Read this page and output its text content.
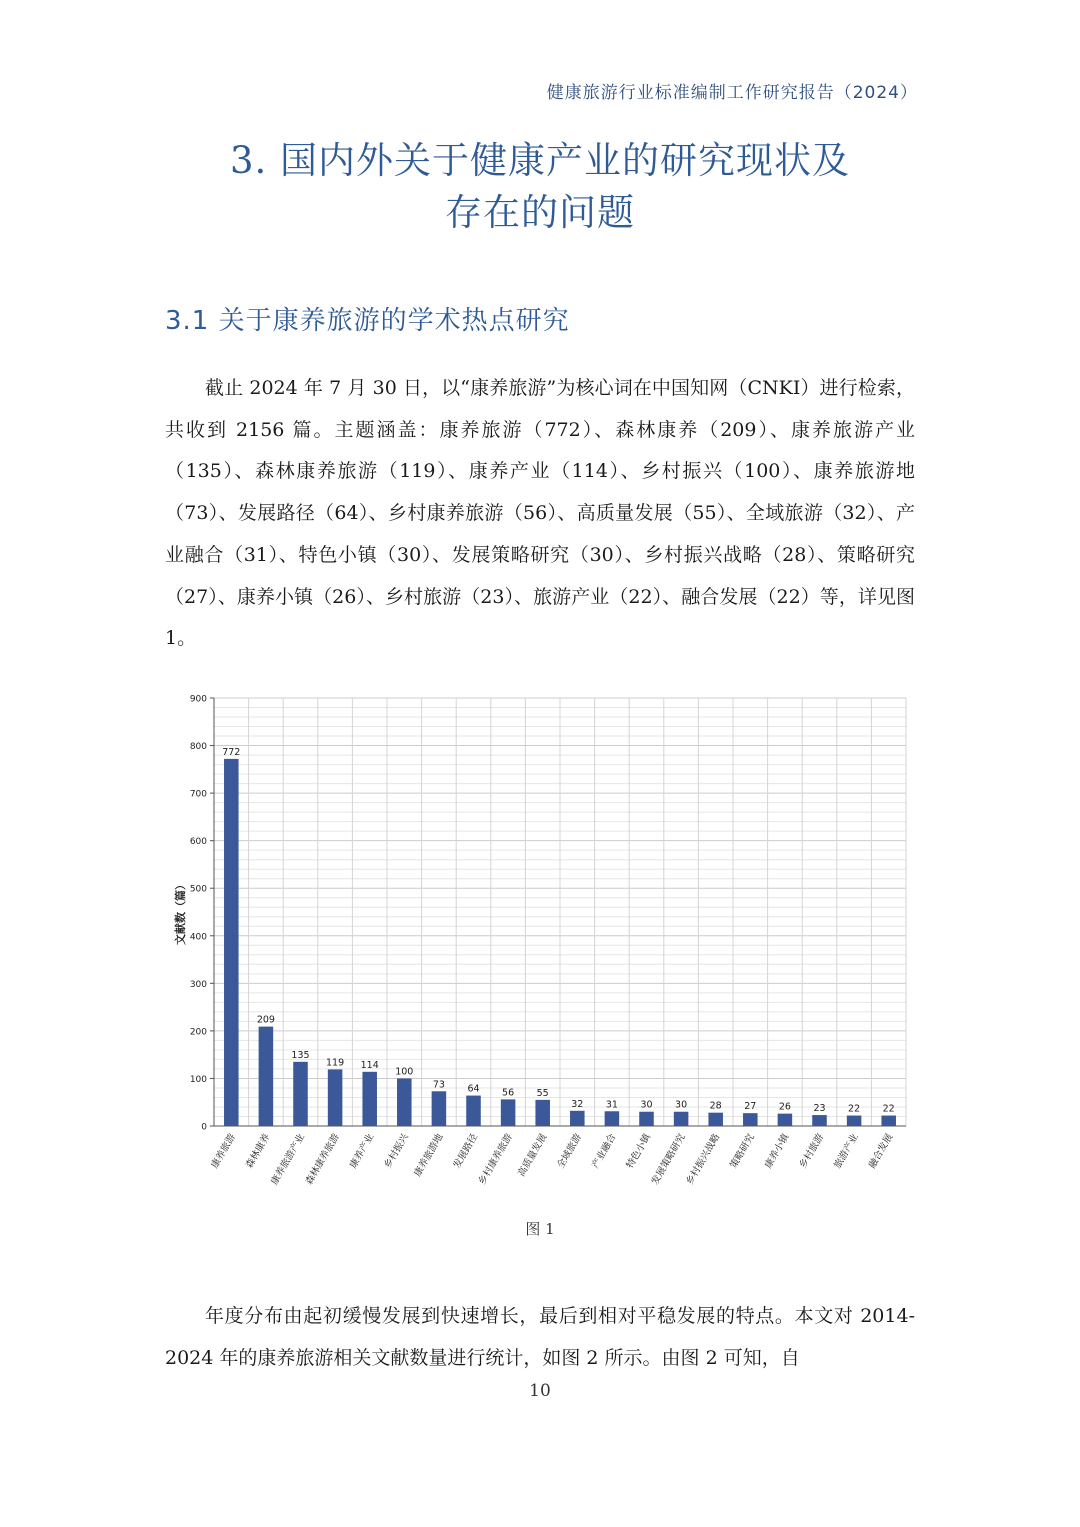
健康旅游行业标准编制工作研究报告（2024）
3. 国内外关于健康产业的研究现状及
存在的问题
3.1 关于康养旅游的学术热点研究
截止 2024 年 7 月 30 日，以“康养旅游”为核心词在中国知网（CNKI）进行检索，共收到 2156 篇。主题涵盖：康养旅游（772）、森林康养（209）、康养旅游产业（135）、森林康养旅游（119）、康养产业（114）、乡村振兴（100）、康养旅游地（73）、发展路径（64）、乡村康养旅游（56）、高质量发展（55）、全域旅游（32）、产业融合（31）、特色小镇（30）、发展策略研究（30）、乡村振兴战略（28）、策略研究（27）、康养小镇（26）、乡村旅游（23）、旅游产业（22）、融合发展（22）等，详见图 1。
772
康养旅游
209
森林康养
135
康养旅游产业
119
森林康养旅游
114
康养产业
100
乡村振兴
73
康养旅游地
64
发展路径
56
乡村康养旅游
55
高质量发展
32
全域旅游
31
产业融合
30
特色小镇
30
发展策略研究
28
乡村振兴战略
27
策略研究
26
康养小镇
23
乡村旅游
22
旅游产业
22
融合发展
0
100
200
300
400
500
600
700
800
900
文献数（篇）
图 1
年度分布由起初缓慢发展到快速增长，最后到相对平稳发展的特点。本文对 2014-2024 年的康养旅游相关文献数量进行统计，如图 2 所示。由图 2 可知，自
10
